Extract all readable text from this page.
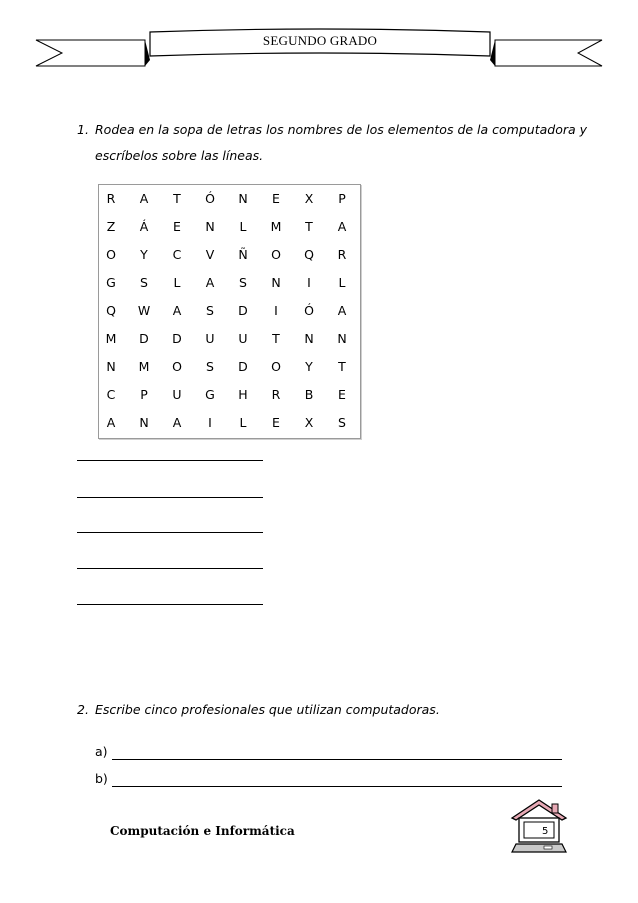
SEGUNDO GRADO
1. Rodea en la sopa de letras los nombres de los elementos de la computadora y
escríbelos sobre las líneas.
R	A	T	Ó	N	E	X	P
Z	Á	E	N	L	M	T	A
O	Y	C	V	Ñ	O	Q	R
G	S	L	A	S	N	I	L
Q	W	A	S	D	I	Ó	A
M	D	D	U	U	T	N	N
N	M	O	S	D	O	Y	T
C	P	U	G	H	R	B	E
A	N	A	I	L	E	X	S
2. Escribe cinco profesionales que utilizan computadoras.
a)
b)
Computación e Informática	5
